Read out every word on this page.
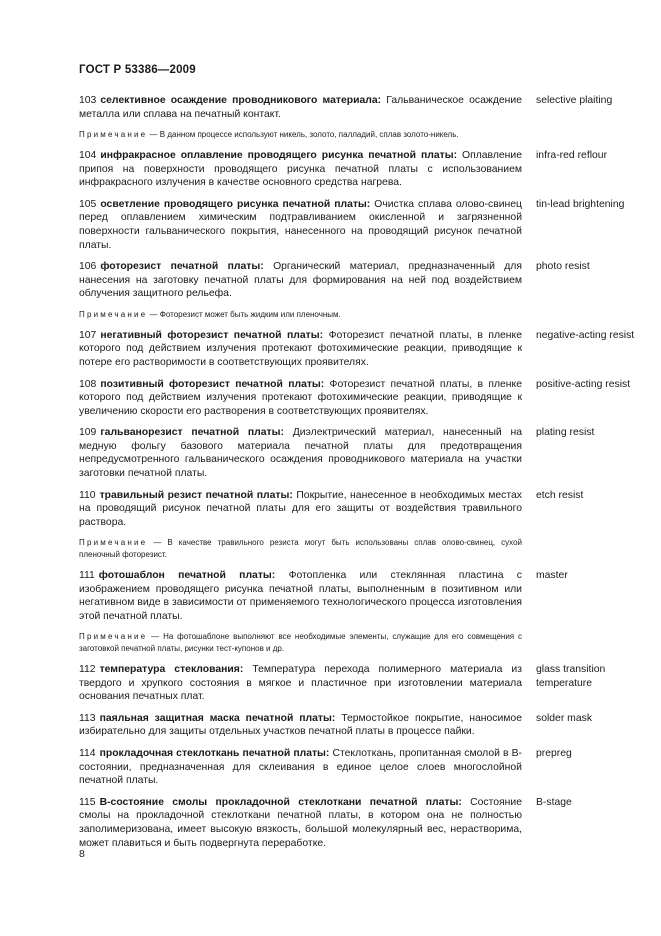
ГОСТ Р 53386—2009
103 селективное осаждение проводникового материала: Гальваническое осаждение металла или сплава на печатный контакт.
selective plaiting
Примечание — В данном процессе используют никель, золото, палладий, сплав золото-никель.
104 инфракрасное оплавление проводящего рисунка печатной платы: Оплавление припоя на поверхности проводящего рисунка печатной платы с использованием инфракрасного излучения в качестве основного средства нагрева.
infra-red reflour
105 осветление проводящего рисунка печатной платы: Очистка сплава олово-свинец перед оплавлением химическим подтравливанием окисленной и загрязненной поверхности гальванического покрытия, нанесенного на проводящий рисунок печатной платы.
tin-lead brightening
106 фоторезист печатной платы: Органический материал, предназначенный для нанесения на заготовку печатной платы для формирования на ней под воздействием облучения защитного рельефа.
photo resist
Примечание — Фоторезист может быть жидким или пленочным.
107 негативный фоторезист печатной платы: Фоторезист печатной платы, в пленке которого под действием излучения протекают фотохимические реакции, приводящие к потере его растворимости в соответствующих проявителях.
negative-acting resist
108 позитивный фоторезист печатной платы: Фоторезист печатной платы, в пленке которого под действием излучения протекают фотохимические реакции, приводящие к увеличению скорости его растворения в соответствующих проявителях.
positive-acting resist
109 гальванорезист печатной платы: Диэлектрический материал, нанесенный на медную фольгу базового материала печатной платы для предотвращения непредусмотренного гальванического осаждения проводникового материала на участки заготовки печатной платы.
plating resist
110 травильный резист печатной платы: Покрытие, нанесенное в необходимых местах на проводящий рисунок печатной платы для его защиты от воздействия травильного раствора.
etch resist
Примечание — В качестве травильного резиста могут быть использованы сплав олово-свинец, сухой пленочный фоторезист.
111 фотошаблон печатной платы: Фотопленка или стеклянная пластина с изображением проводящего рисунка печатной платы, выполненным в позитивном или негативном виде в зависимости от применяемого технологического процесса изготовления этой печатной платы.
master
Примечание — На фотошаблоне выполняют все необходимые элементы, служащие для его совмещения с заготовкой печатной платы, рисунки тест-купонов и др.
112 температура стеклования: Температура перехода полимерного материала из твердого и хрупкого состояния в мягкое и пластичное при изготовлении материала основания печатных плат.
glass transition temperature
113 паяльная защитная маска печатной платы: Термостойкое покрытие, наносимое избирательно для защиты отдельных участков печатной платы в процессе пайки.
solder mask
114 прокладочная стеклоткань печатной платы: Стеклоткань, пропитанная смолой в B-состоянии, предназначенная для склеивания в единое целое слоев многослойной печатной платы.
prepreg
115 B-состояние смолы прокладочной стеклоткани печатной платы: Состояние смолы на прокладочной стеклоткани печатной платы, в котором она не полностью заполимеризована, имеет высокую вязкость, большой молекулярный вес, нерастворима, может плавиться и быть подвергнута переработке.
B-stage
8
